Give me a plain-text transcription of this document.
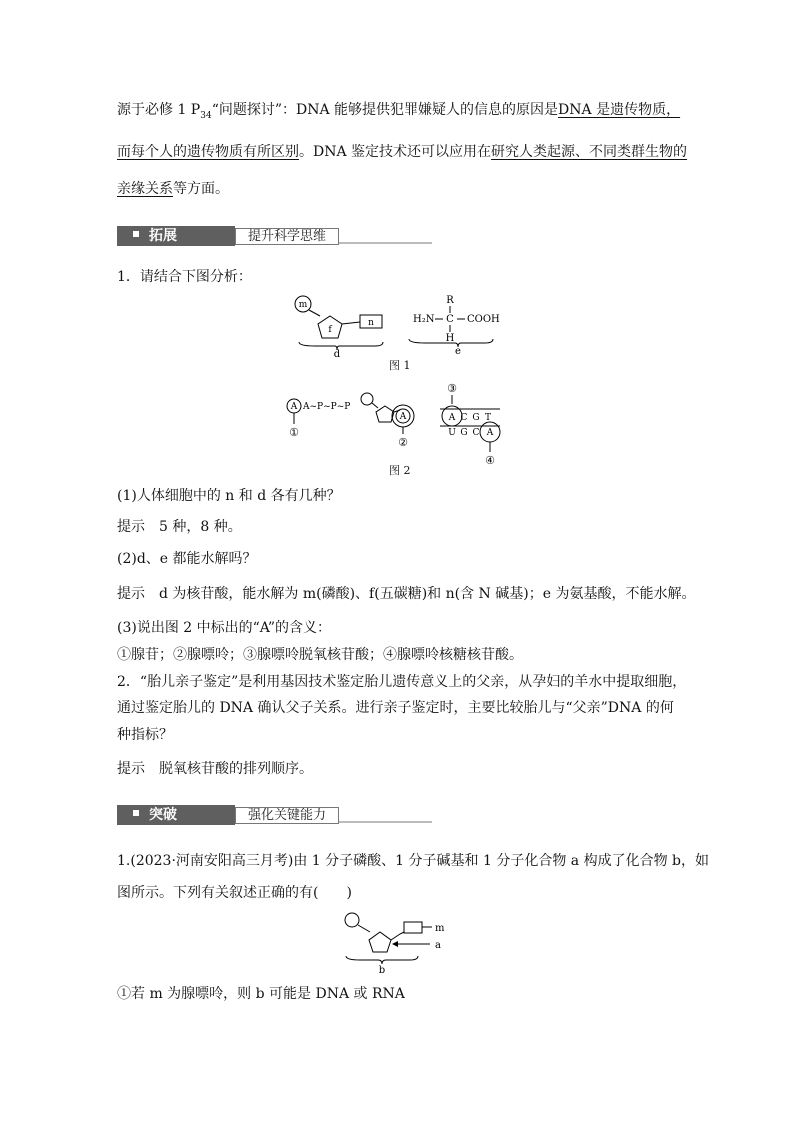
源于必修 1 $P_{34}“$问题探讨”：DNA 能够提供犯罪嫌疑人的信息的原因是DNA 是遗传物质，
而每个人的遗传物质有所区别。DNA 鉴定技术还可以应用在研究人类起源、不同类群生物的
亲缘关系等方面。
拓展	提升科学思维
1．请结合下图分析：
m
f
n
d
R
H₂N C COOH
H
e
图 1
A A~P~P~P
①
A
②
③
A C G T
U G C A
④
图 2
(1)人体细胞中的 n 和 d 各有几种？
提示　5 种，8 种。
(2)d、e 都能水解吗？
提示　d 为核苷酸，能水解为 m(磷酸)、f(五碳糖)和 n(含 N 碱基)；e 为氨基酸，不能水解。
(3)说出图 2 中标出的“A”的含义：
①腺苷；②腺嘌呤；③腺嘌呤脱氧核苷酸；④腺嘌呤核糖核苷酸。
2．“胎儿亲子鉴定”是利用基因技术鉴定胎儿遗传意义上的父亲，从孕妇的羊水中提取细胞，
通过鉴定胎儿的 DNA 确认父子关系。进行亲子鉴定时，主要比较胎儿与“父亲”DNA 的何
种指标？
提示　脱氧核苷酸的排列顺序。
突破	强化关键能力
1.(2023·河南安阳高三月考)由 1 分子磷酸、1 分子碱基和 1 分子化合物 a 构成了化合物 b，如
图所示。下列有关叙述正确的有(　　)
m
a
b
①若 m 为腺嘌呤，则 b 可能是 DNA 或 RNA
